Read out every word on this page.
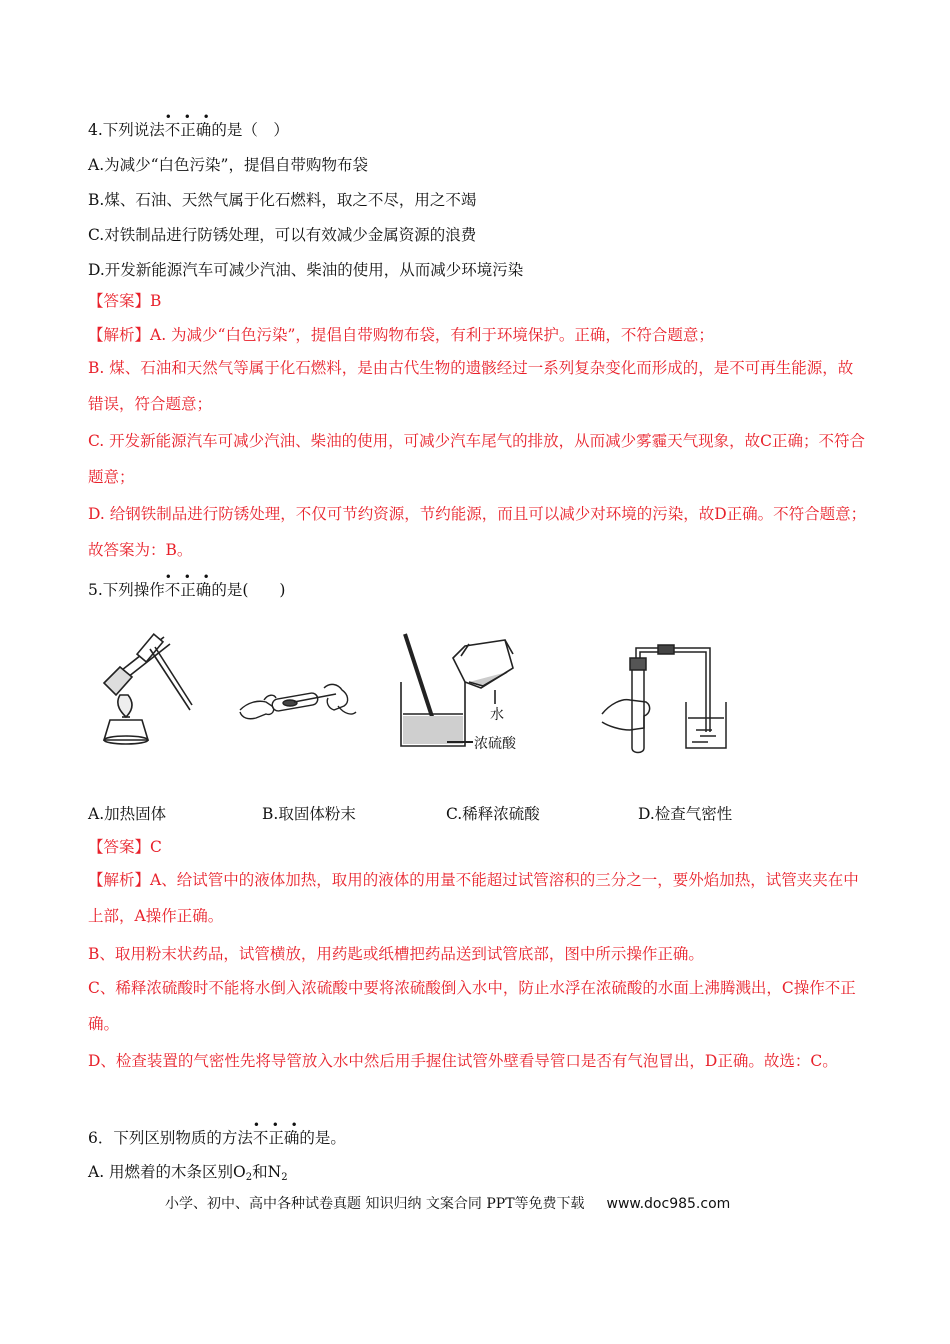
4.下列说法
• • •
不正确的是（　）
A.为减少“白色污染”，提倡自带购物布袋
B.煤、石油、天然气属于化石燃料，取之不尽，用之不竭
C.对铁制品进行防锈处理，可以有效减少金属资源的浪费
D.开发新能源汽车可减少汽油、柴油的使用，从而减少环境污染
【答案】B
【解析】A. 为减少“白色污染”，提倡自带购物布袋，有利于环境保护。正确，不符合题意；
B. 煤、石油和天然气等属于化石燃料，是由古代生物的遗骸经过一系列复杂变化而形成的，是不可再生能源，故错误，符合题意；
C. 开发新能源汽车可减少汽油、柴油的使用，可减少汽车尾气的排放，从而减少雾霾天气现象，故C正确；不符合题意；
D. 给钢铁制品进行防锈处理，不仅可节约资源，节约能源，而且可以减少对环境的污染，故D正确。不符合题意；故答案为：B。
5.下列操作
• • •
不正确的是(　　)
水
浓硫酸
A.加热固体	B.取固体粉末	C.稀释浓硫酸	D.检查气密性
【答案】C
【解析】A、给试管中的液体加热，取用的液体的用量不能超过试管溶积的三分之一，要外焰加热，试管夹夹在中上部，A操作正确。
B、取用粉末状药品，试管横放，用药匙或纸槽把药品送到试管底部，图中所示操作正确。
C、稀释浓硫酸时不能将水倒入浓硫酸中要将浓硫酸倒入水中，防止水浮在浓硫酸的水面上沸腾溅出，C操作不正确。
D、检查装置的气密性先将导管放入水中然后用手握住试管外壁看导管口是否有气泡冒出，D正确。故选：C。
6．下列区别物质的方法
• • •
不正确的是。
A. 用燃着的木条区别$O_2$和$N_2$
小学、初中、高中各种试卷真题 知识归纳 文案合同 PPT等免费下载 www.doc985.com
